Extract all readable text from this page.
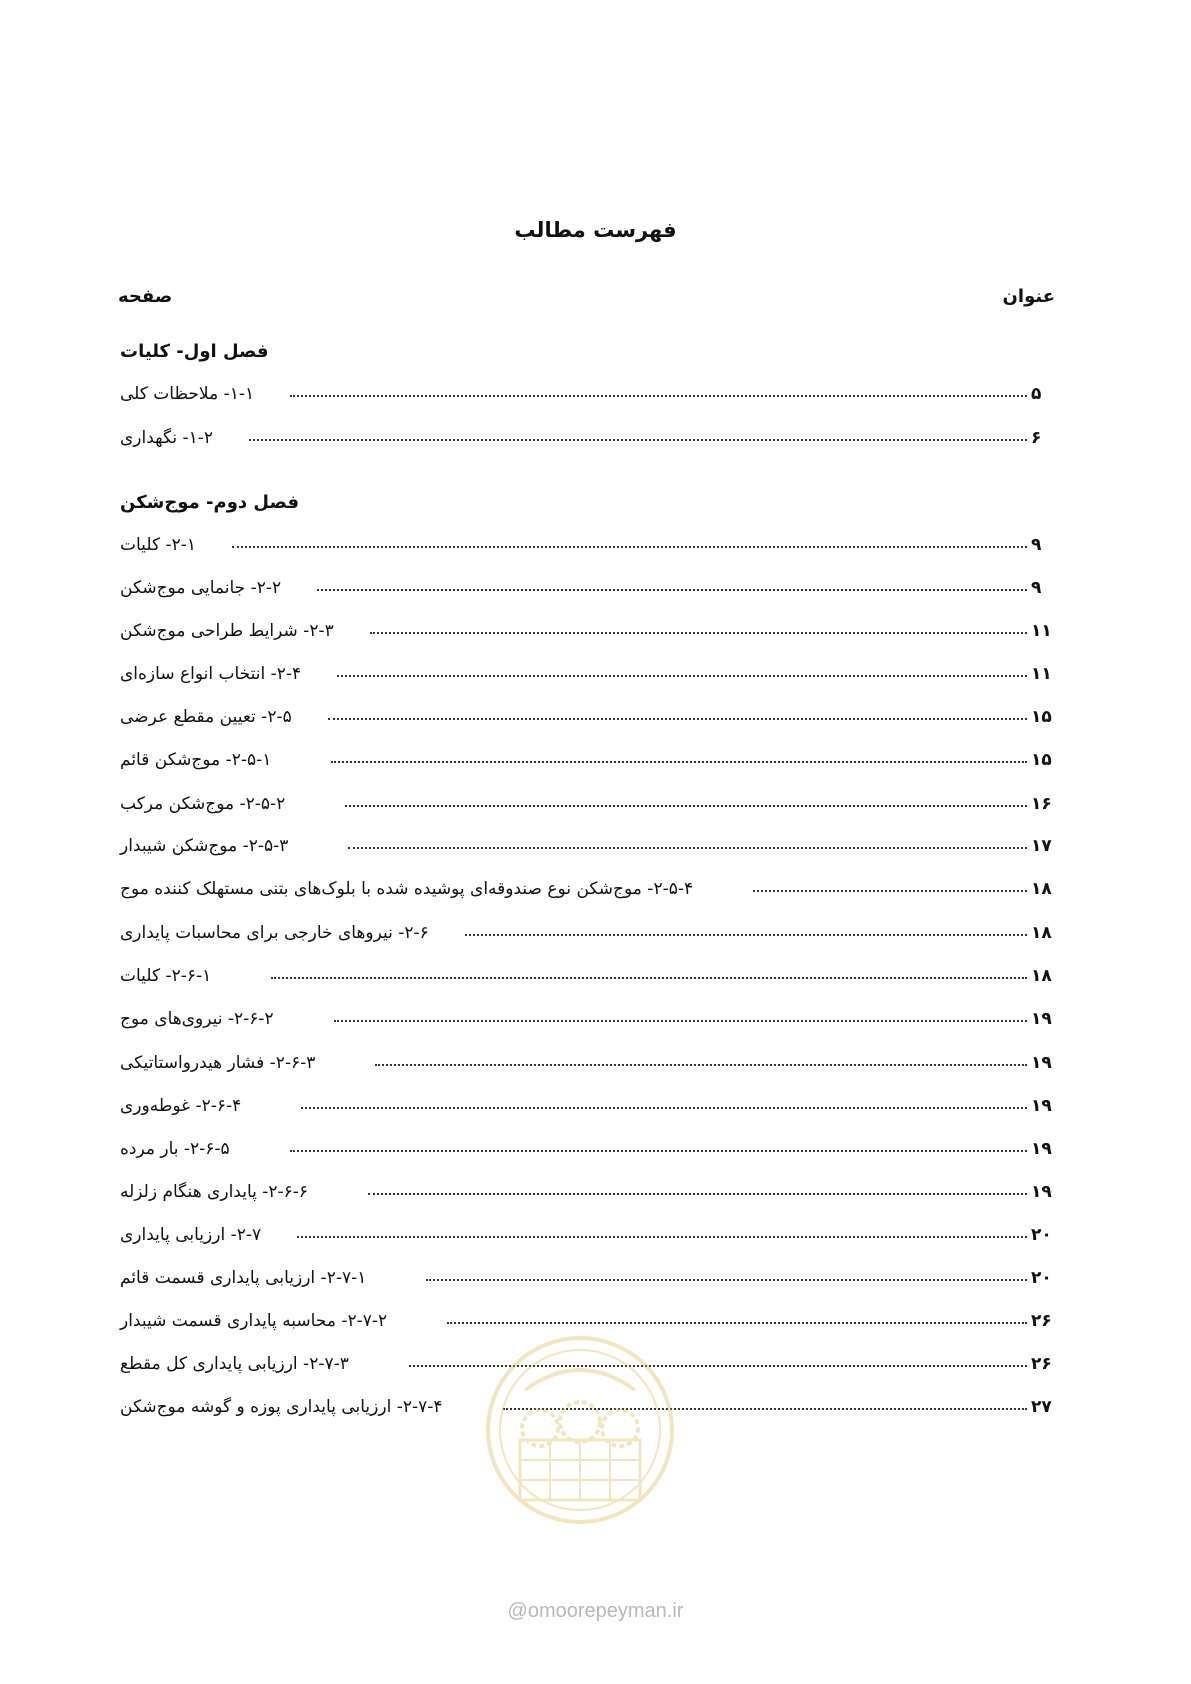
فهرست مطالب
عنوان
صفحه
فصل اول- کلیات
۱-۱- ملاحظات کلی	۵
۱-۲- نگهداری	۶
فصل دوم- موج‌شکن
۲-۱- کلیات	۹
۲-۲- جانمایی موج‌شکن	۹
۲-۳- شرایط طراحی موج‌شکن	۱۱
۲-۴- انتخاب انواع سازه‌ای	۱۱
۲-۵- تعیین مقطع عرضی	۱۵
۲-۵-۱- موج‌شکن قائم	۱۵
۲-۵-۲- موج‌شکن مرکب	۱۶
۲-۵-۳- موج‌شکن شیبدار	۱۷
۲-۵-۴- موج‌شکن نوع صندوقه‌ای پوشیده شده با بلوک‌های بتنی مستهلک کننده موج	۱۸
۲-۶- نیروهای خارجی برای محاسبات پایداری	۱۸
۲-۶-۱- کلیات	۱۸
۲-۶-۲- نیروی‌های موج	۱۹
۲-۶-۳- فشار هیدرواستاتیکی	۱۹
۲-۶-۴- غوطه‌وری	۱۹
۲-۶-۵- بار مرده	۱۹
۲-۶-۶- پایداری هنگام زلزله	۱۹
۲-۷- ارزیابی پایداری	۲۰
۲-۷-۱- ارزیابی پایداری قسمت قائم	۲۰
۲-۷-۲- محاسبه پایداری قسمت شیبدار	۲۶
۲-۷-۳- ارزیابی پایداری کل مقطع	۲۶
۲-۷-۴- ارزیابی پایداری پوزه و گوشه موج‌شکن	۲۷
@omoorepeyman.ir
